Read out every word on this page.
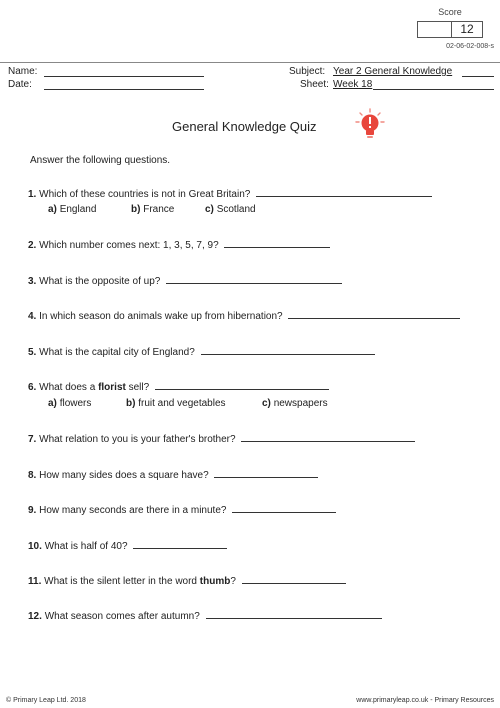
Score
12
02-06-02-008-s
Name:
Date:
Subject: Year 2 General Knowledge
Sheet: Week 18
General Knowledge Quiz
Answer the following questions.
1. Which of these countries is not in Great Britain?
a) England	b) France	c) Scotland
2. Which number comes next: 1, 3, 5, 7, 9?
3. What is the opposite of up?
4. In which season do animals wake up from hibernation?
5. What is the capital city of England?
6. What does a florist sell?
a) flowers	b) fruit and vegetables	c) newspapers
7. What relation to you is your father's brother?
8. How many sides does a square have?
9. How many seconds are there in a minute?
10. What is half of 40?
11. What is the silent letter in the word thumb?
12. What season comes after autumn?
© Primary Leap Ltd. 2018	www.primaryleap.co.uk - Primary Resources
